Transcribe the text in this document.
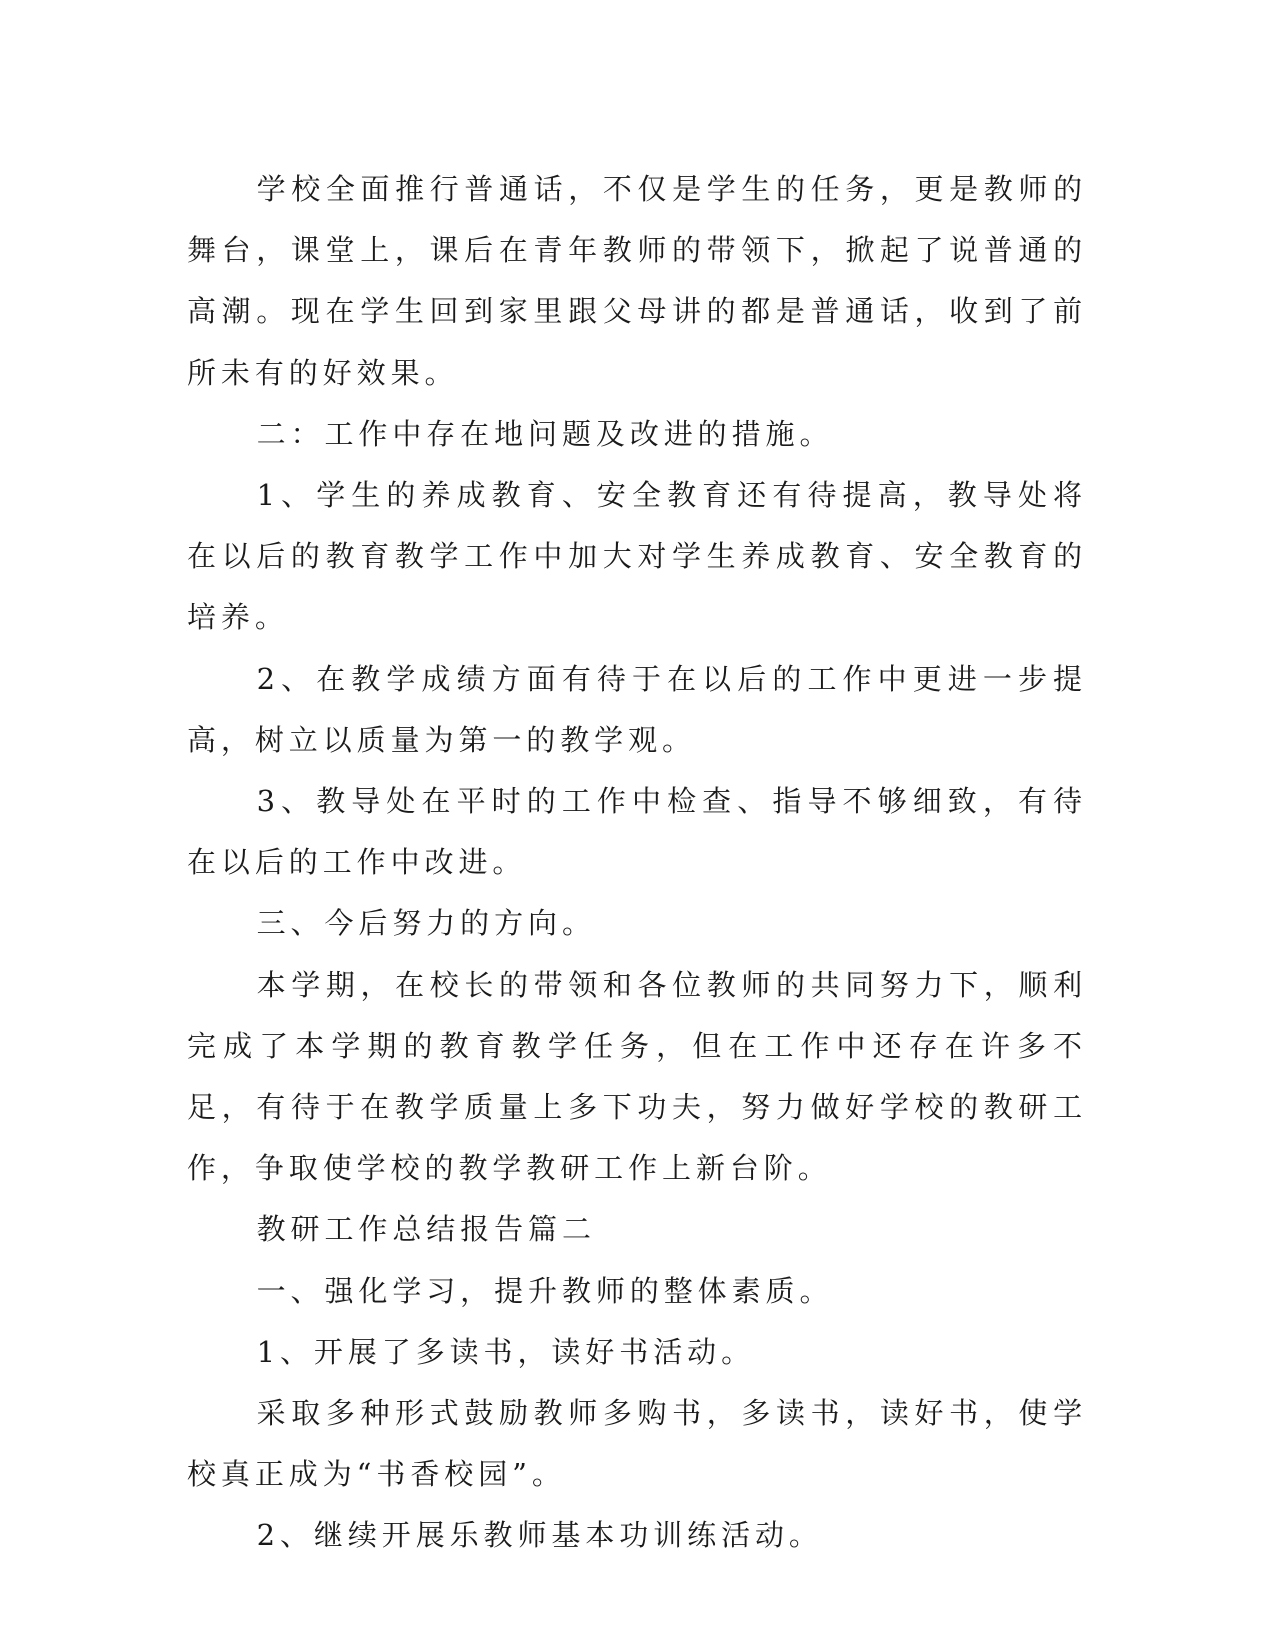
学校全面推行普通话，不仅是学生的任务，更是教师的舞台，课堂上，课后在青年教师的带领下，掀起了说普通的高潮。现在学生回到家里跟父母讲的都是普通话，收到了前所未有的好效果。

二：工作中存在地问题及改进的措施。

1、学生的养成教育、安全教育还有待提高，教导处将在以后的教育教学工作中加大对学生养成教育、安全教育的培养。

2、在教学成绩方面有待于在以后的工作中更进一步提高，树立以质量为第一的教学观。

3、教导处在平时的工作中检查、指导不够细致，有待在以后的工作中改进。

三、今后努力的方向。

本学期，在校长的带领和各位教师的共同努力下，顺利完成了本学期的教育教学任务，但在工作中还存在许多不足，有待于在教学质量上多下功夫，努力做好学校的教研工作，争取使学校的教学教研工作上新台阶。

教研工作总结报告篇二

一、强化学习，提升教师的整体素质。

1、开展了多读书，读好书活动。

采取多种形式鼓励教师多购书，多读书，读好书，使学校真正成为“书香校园”。

2、继续开展乐教师基本功训练活动。
